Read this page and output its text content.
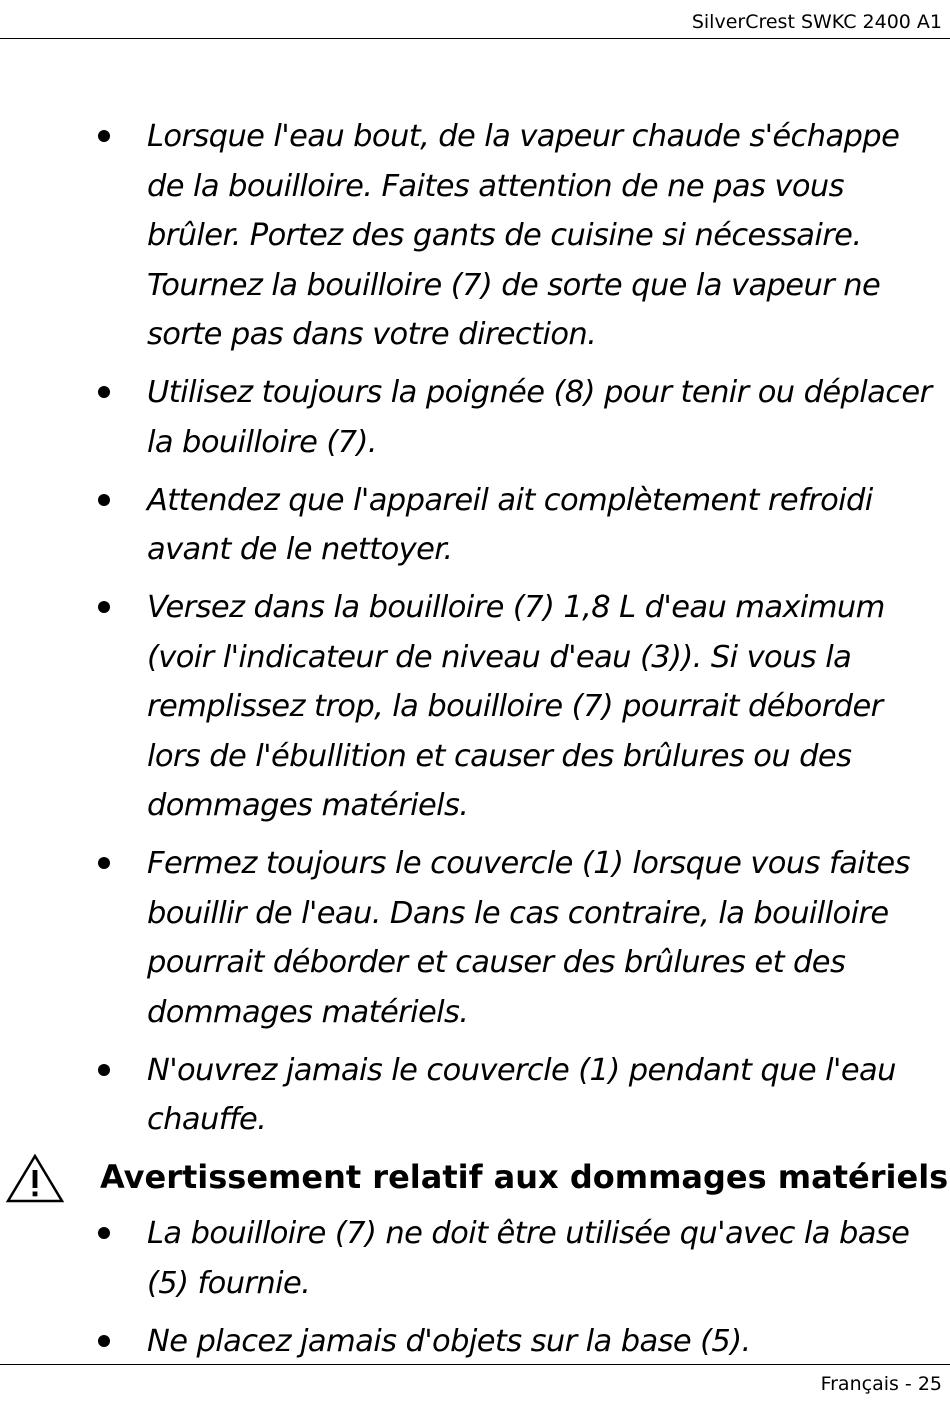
SilverCrest SWKC 2400 A1
Lorsque l'eau bout, de la vapeur chaude s'échappe de la bouilloire. Faites attention de ne pas vous brûler. Portez des gants de cuisine si nécessaire. Tournez la bouilloire (7) de sorte que la vapeur ne sorte pas dans votre direction.
Utilisez toujours la poignée (8) pour tenir ou déplacer la bouilloire (7).
Attendez que l'appareil ait complètement refroidi avant de le nettoyer.
Versez dans la bouilloire (7) 1,8 L d'eau maximum (voir l'indicateur de niveau d'eau (3)). Si vous la remplissez trop, la bouilloire (7) pourrait déborder lors de l'ébullition et causer des brûlures ou des dommages matériels.
Fermez toujours le couvercle (1) lorsque vous faites bouillir de l'eau. Dans le cas contraire, la bouilloire pourrait déborder et causer des brûlures et des dommages matériels.
N'ouvrez jamais le couvercle (1) pendant que l'eau chauffe.
Avertissement relatif aux dommages matériels
La bouilloire (7) ne doit être utilisée qu'avec la base (5) fournie.
Ne placez jamais d'objets sur la base (5).
Français - 25
